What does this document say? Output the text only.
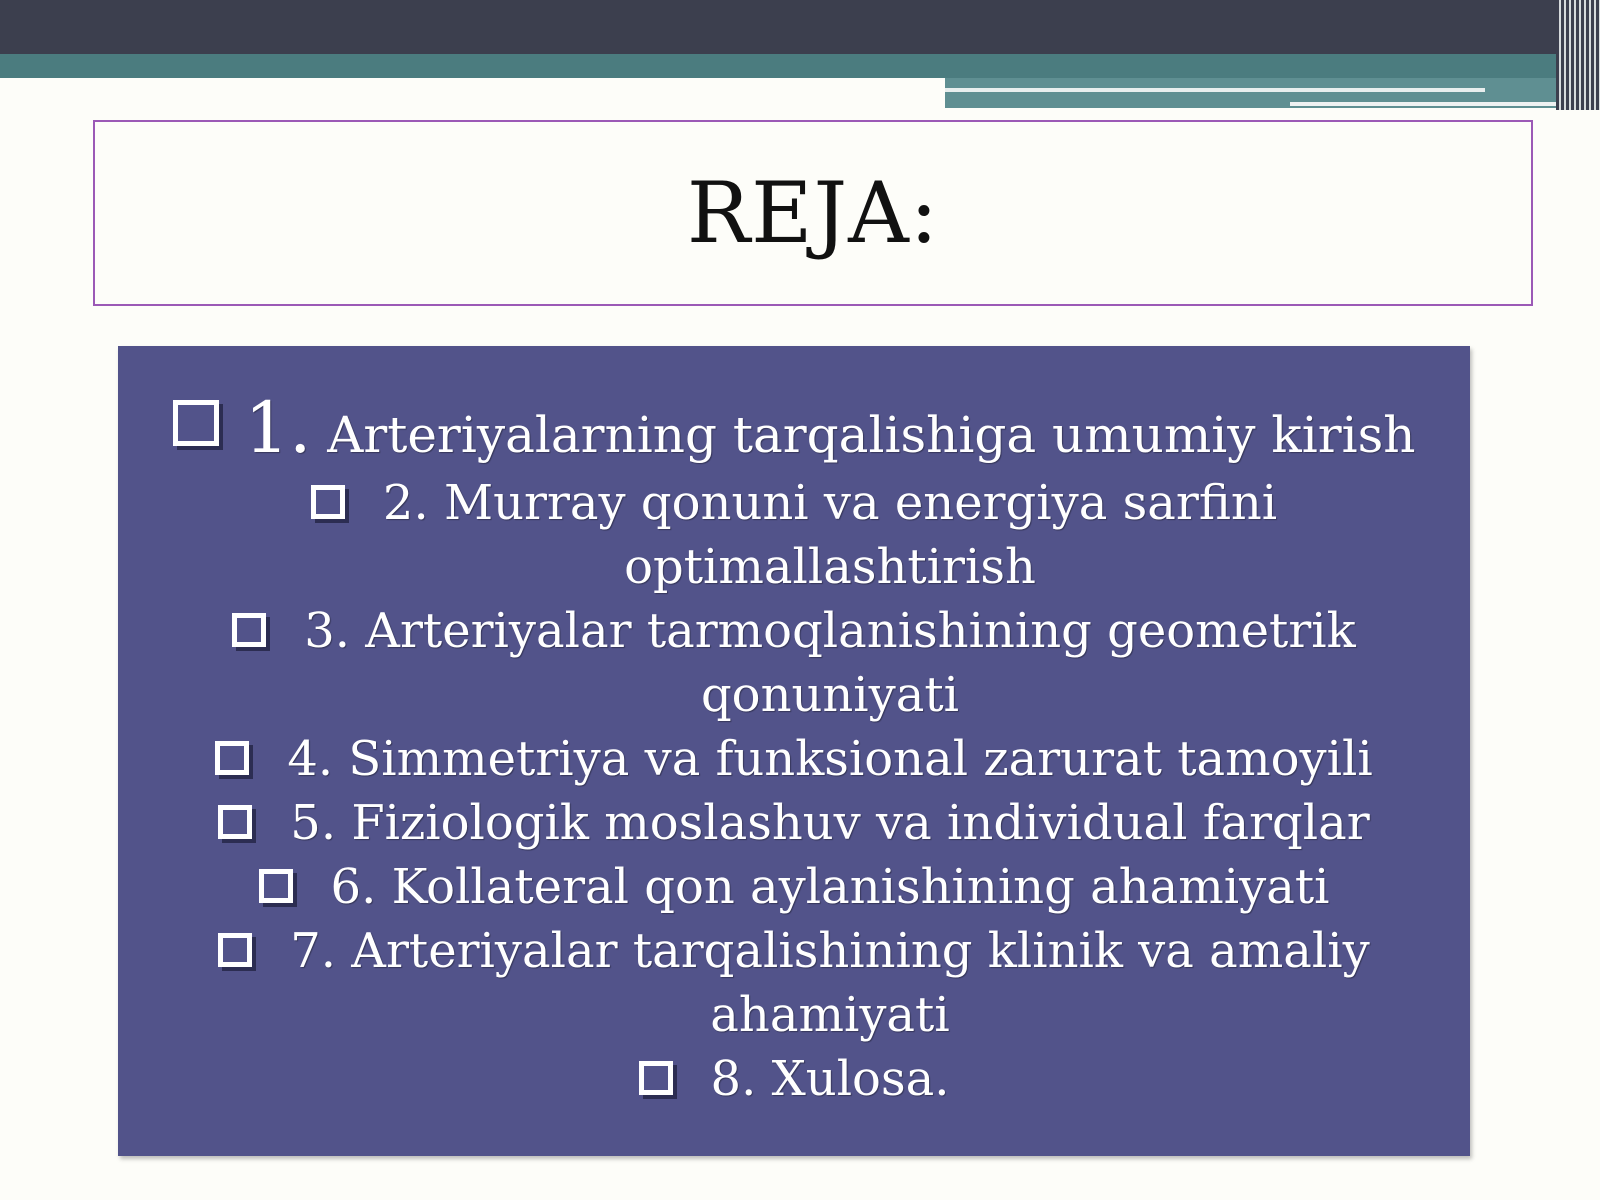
REJA:
1. Arteriyalarning tarqalishiga umumiy kirish
2. Murray qonuni va energiya sarfini
optimallashtirish
3. Arteriyalar tarmoqlanishining geometrik
qonuniyati
4. Simmetriya va funksional zarurat tamoyili
5. Fiziologik moslashuv va individual farqlar
6. Kollateral qon aylanishining ahamiyati
7. Arteriyalar tarqalishining klinik va amaliy
ahamiyati
8. Xulosa.
